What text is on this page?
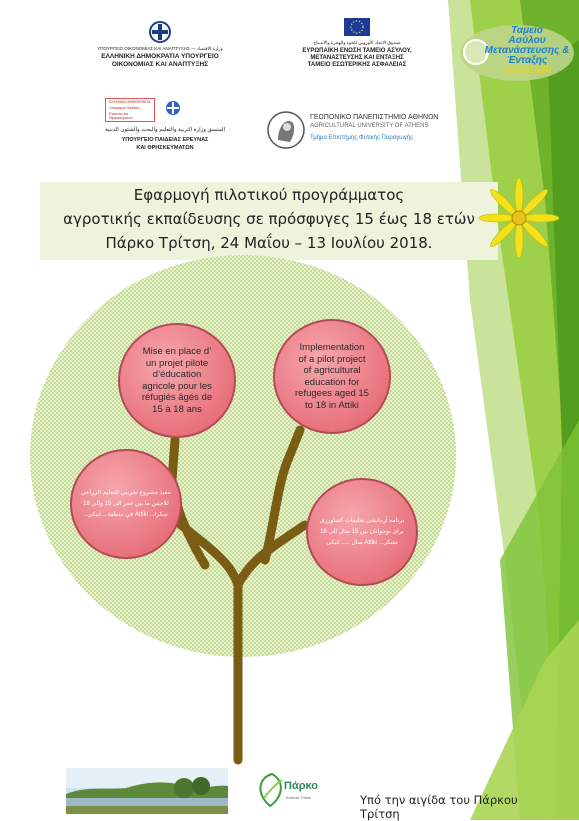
Ταμείο
Ασύλου
Μετανάστευσης &
Ένταξης
2014-2020
ΥΠΟΥΡΓΕΙΟ ΟΙΚΟΝΟΜΙΑΣ ΚΑΙ ΑΝΑΠΤΥΞΗΣ — وزارة الاقتصاد
ΕΛΛΗΝΙΚΗ ΔΗΜΟΚΡΑΤΙΑ ΥΠΟΥΡΓΕΙΟ
ΟΙΚΟΝΟΜΙΑΣ ΚΑΙ ΑΝΑΠΤΥΞΗΣ
صندوق الاتحاد الأوروبي للجوء والهجرة والاندماج
ΕΥΡΩΠΑΪΚΗ ΕΝΩΣΗ ΤΑΜΕΙΟ ΑΣΥΛΟΥ,
ΜΕΤΑΝΑΣΤΕΥΣΗΣ ΚΑΙ ΕΝΤΑΞΗΣ
ΤΑΜΕΙΟ ΕΣΩΤΕΡΙΚΗΣ ΑΣΦΑΛΕΙΑΣ
ΕΛΛΗΝΙΚΗ ΔΗΜΟΚΡΑΤΙΑ
Υπουργείο Παιδείας,
Έρευνας και Θρησκευμάτων
المنسق وزارة التربية والتعليم والبحث والشئون الدينية
ΥΠΟΥΡΓΕΙΟ ΠΑΙΔΕΙΑΣ ΕΡΕΥΝΑΣ
ΚΑΙ ΘΡΗΣΚΕΥΜΑΤΩΝ
ΓΕΩΠΟΝΙΚΟ ΠΑΝΕΠΙΣΤΗΜΙΟ ΑΘΗΝΩΝ
AGRICULTURAL UNIVERSITY OF ATHENS
Τμήμα Επιστήμης Φυτικής Παραγωγής
Εφαρμογή πιλοτικού προγράμματος
αγροτικής εκπαίδευσης σε πρόσφυγες 15 έως 18 ετών
Πάρκο Τρίτση, 24 Μαΐου – 13 Ιουλίου 2018.
Mise en place d’
un projet pilote
d’éducation
agricole pour les
réfugiés âgés de
15 à 18 ans
Implementation
of a pilot project
of agricultural
education for
refugees aged 15
to 18 in Attiki
تنفيذ مشروع تجريبي للتعليم الزراعي
للاجئين ما بين عمر الى 15 والى 18
شكرا... Attiki في منطقة ...انيكي..
برنامه آزمایشی تعلیمات کشاورزی
برای نوجوانان بین 15 سال الی 18
تشکر... Attiki سال ..... اتیکی
Πάρκο
Antonis Tritsis	Υπό την αιγίδα του Πάρκου Τρίτση
